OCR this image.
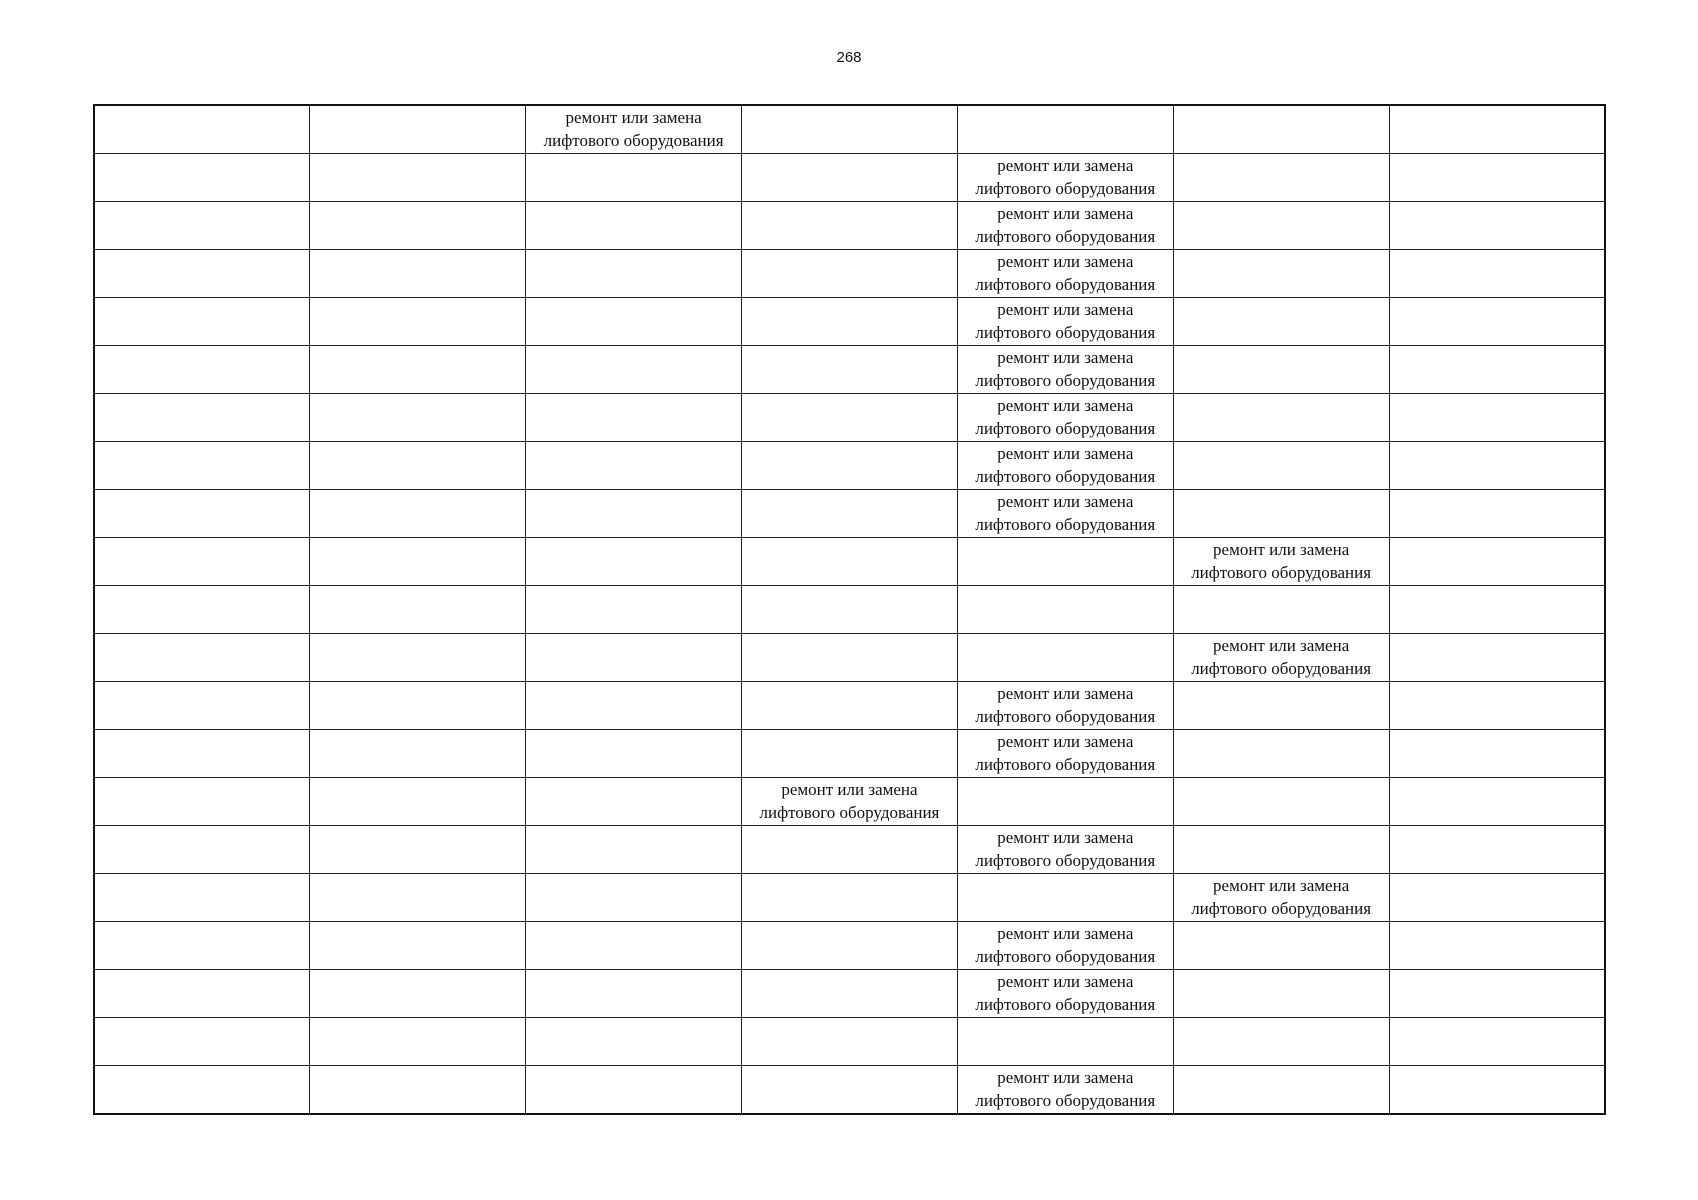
268

		ремонт или замена
лифтового оборудования				

				ремонт или замена
лифтового оборудования		

				ремонт или замена
лифтового оборудования		

				ремонт или замена
лифтового оборудования		

				ремонт или замена
лифтового оборудования		

				ремонт или замена
лифтового оборудования		

				ремонт или замена
лифтового оборудования		

				ремонт или замена
лифтового оборудования		

				ремонт или замена
лифтового оборудования		

					ремонт или замена
лифтового оборудования	

					ремонт или замена
лифтового оборудования	

				ремонт или замена
лифтового оборудования		

				ремонт или замена
лифтового оборудования		

			ремонт или замена
лифтового оборудования			

				ремонт или замена
лифтового оборудования		

					ремонт или замена
лифтового оборудования	

				ремонт или замена
лифтового оборудования		

				ремонт или замена
лифтового оборудования		

				ремонт или замена
лифтового оборудования		
